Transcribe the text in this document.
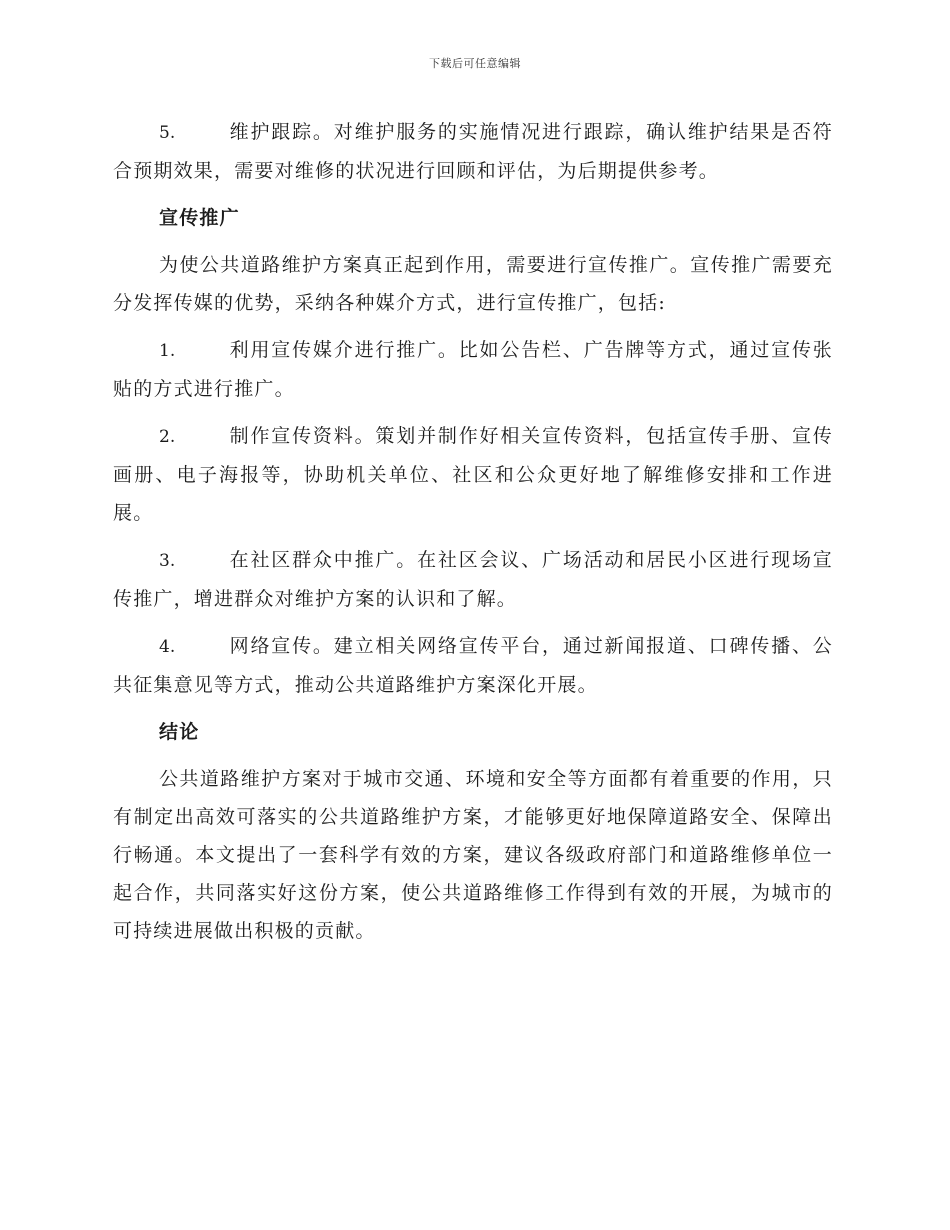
下载后可任意编辑

5.	维护跟踪。对维护服务的实施情况进行跟踪，确认维护结果是否符合预期效果，需要对维修的状况进行回顾和评估，为后期提供参考。

宣传推广

为使公共道路维护方案真正起到作用，需要进行宣传推广。宣传推广需要充分发挥传媒的优势，采纳各种媒介方式，进行宣传推广，包括:

1.	利用宣传媒介进行推广。比如公告栏、广告牌等方式，通过宣传张贴的方式进行推广。

2.	制作宣传资料。策划并制作好相关宣传资料，包括宣传手册、宣传画册、电子海报等，协助机关单位、社区和公众更好地了解维修安排和工作进展。

3.	在社区群众中推广。在社区会议、广场活动和居民小区进行现场宣传推广，增进群众对维护方案的认识和了解。

4.	网络宣传。建立相关网络宣传平台，通过新闻报道、口碑传播、公共征集意见等方式，推动公共道路维护方案深化开展。

结论

公共道路维护方案对于城市交通、环境和安全等方面都有着重要的作用，只有制定出高效可落实的公共道路维护方案，才能够更好地保障道路安全、保障出行畅通。本文提出了一套科学有效的方案，建议各级政府部门和道路维修单位一起合作，共同落实好这份方案，使公共道路维修工作得到有效的开展，为城市的可持续进展做出积极的贡献。
